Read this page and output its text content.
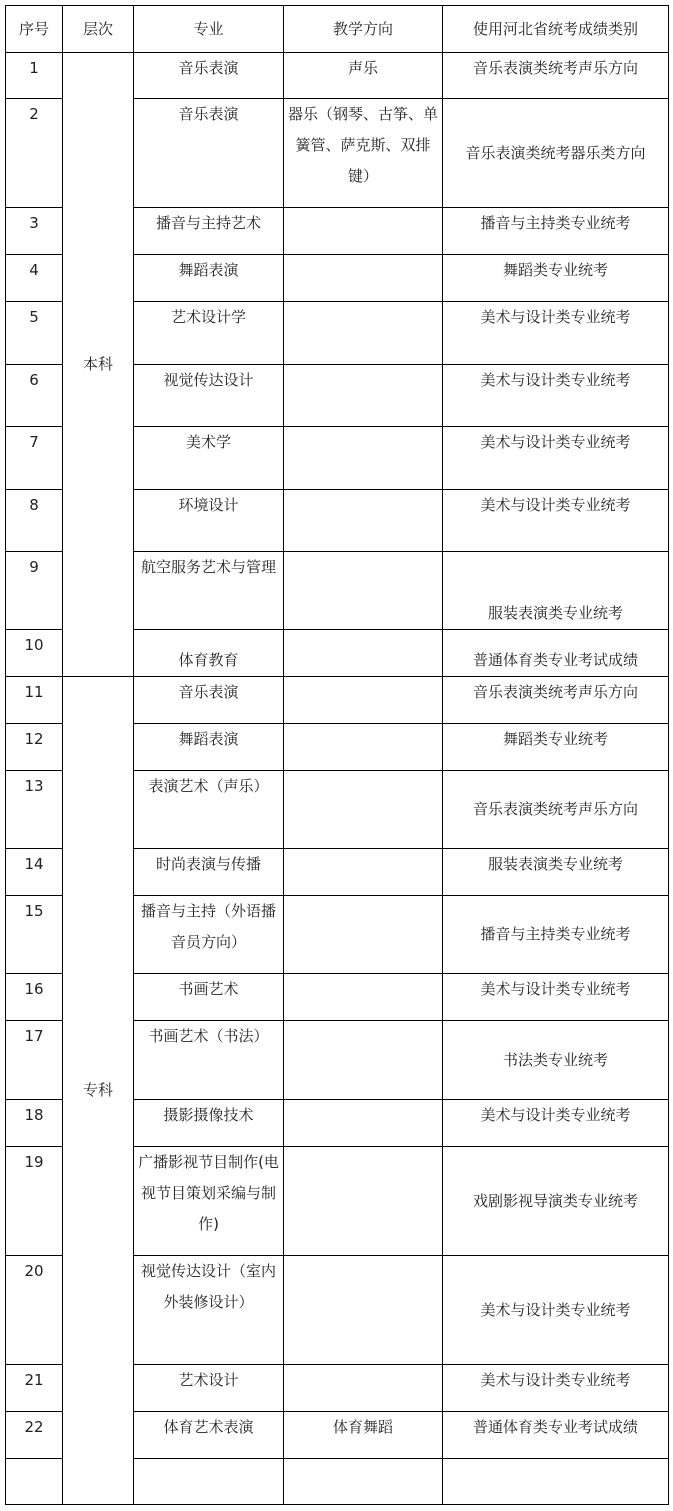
序号	层次	专业	教学方向	使用河北省统考成绩类别
1	本科	音乐表演	声乐	音乐表演类统考声乐方向
2		音乐表演	器乐（钢琴、古筝、单簧管、萨克斯、双排键）	音乐表演类统考器乐类方向
3		播音与主持艺术		播音与主持类专业统考
4		舞蹈表演		舞蹈类专业统考
5		艺术设计学		美术与设计类专业统考
6		视觉传达设计		美术与设计类专业统考
7		美术学		美术与设计类专业统考
8		环境设计		美术与设计类专业统考
9		航空服务艺术与管理		服装表演类专业统考
10		体育教育		普通体育类专业考试成绩
11	专科	音乐表演		音乐表演类统考声乐方向
12		舞蹈表演		舞蹈类专业统考
13		表演艺术（声乐）		音乐表演类统考声乐方向
14		时尚表演与传播		服装表演类专业统考
15		播音与主持（外语播音员方向）		播音与主持类专业统考
16		书画艺术		美术与设计类专业统考
17		书画艺术（书法）		书法类专业统考
18		摄影摄像技术		美术与设计类专业统考
19		广播影视节目制作(电视节目策划采编与制作)		戏剧影视导演类专业统考
20		视觉传达设计（室内外装修设计）		美术与设计类专业统考
21		艺术设计		美术与设计类专业统考
22		体育艺术表演	体育舞蹈	普通体育类专业考试成绩
